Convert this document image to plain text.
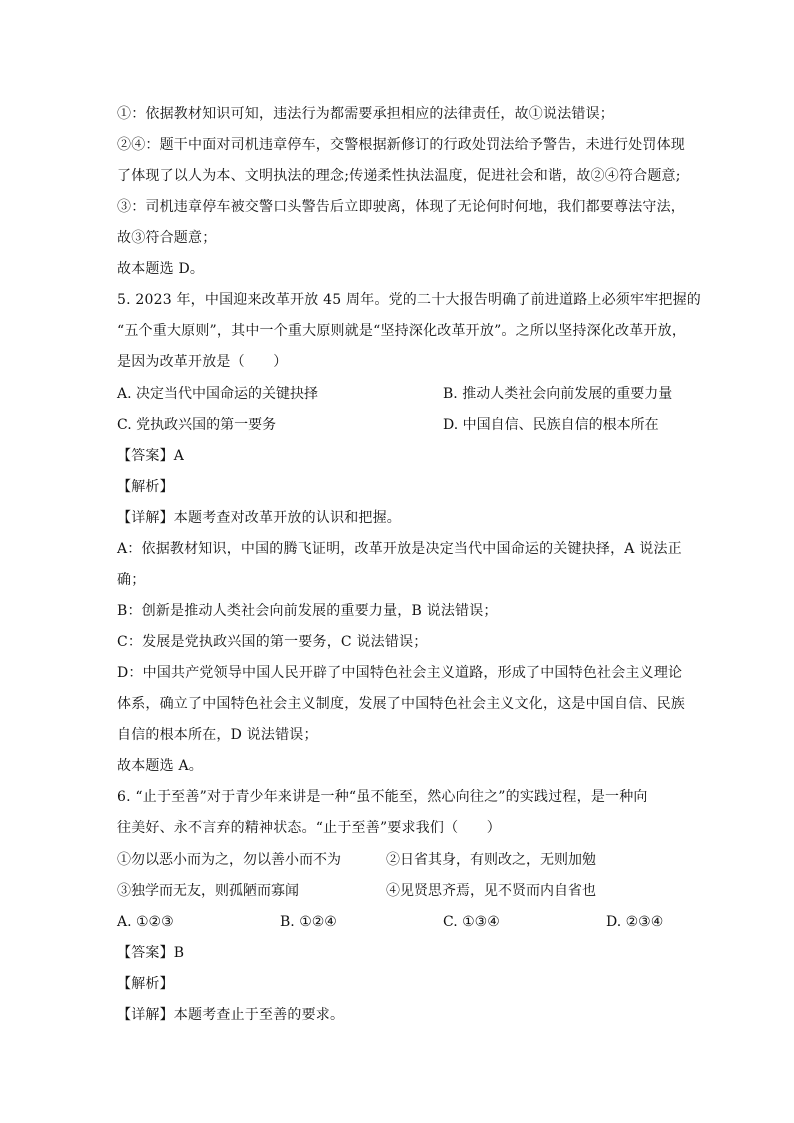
①：依据教材知识可知，违法行为都需要承担相应的法律责任，故①说法错误；
②④：题干中面对司机违章停车，交警根据新修订的行政处罚法给予警告，未进行处罚体现
了体现了以人为本、文明执法的理念;传递柔性执法温度，促进社会和谐，故②④符合题意;
③：司机违章停车被交警口头警告后立即驶离，体现了无论何时何地，我们都要尊法守法，
故③符合题意；
故本题选 D。
5. 2023 年，中国迎来改革开放 45 周年。党的二十大报告明确了前进道路上必须牢牢把握的
“五个重大原则”，其中一个重大原则就是“坚持深化改革开放”。之所以坚持深化改革开放，
是因为改革开放是（　　）
A. 决定当代中国命运的关键抉择	B. 推动人类社会向前发展的重要力量
C. 党执政兴国的第一要务	D. 中国自信、民族自信的根本所在
【答案】A
【解析】
【详解】本题考查对改革开放的认识和把握。
A：依据教材知识，中国的腾飞证明，改革开放是决定当代中国命运的关键抉择，A 说法正
确；
B：创新是推动人类社会向前发展的重要力量，B 说法错误；
C：发展是党执政兴国的第一要务，C 说法错误；
D：中国共产党领导中国人民开辟了中国特色社会主义道路，形成了中国特色社会主义理论
体系，确立了中国特色社会主义制度，发展了中国特色社会主义文化，这是中国自信、民族
自信的根本所在，D 说法错误；
故本题选 A。
6. “止于至善”对于青少年来讲是一种“虽不能至，然心向往之”的实践过程，是一种向
往美好、永不言弃的精神状态。“止于至善”要求我们（　　）
①勿以恶小而为之，勿以善小而不为	②日省其身，有则改之，无则加勉
③独学而无友，则孤陋而寡闻	④见贤思齐焉，见不贤而内自省也
A. ①②③	B. ①②④	C. ①③④	D. ②③④
【答案】B
【解析】
【详解】本题考查止于至善的要求。
